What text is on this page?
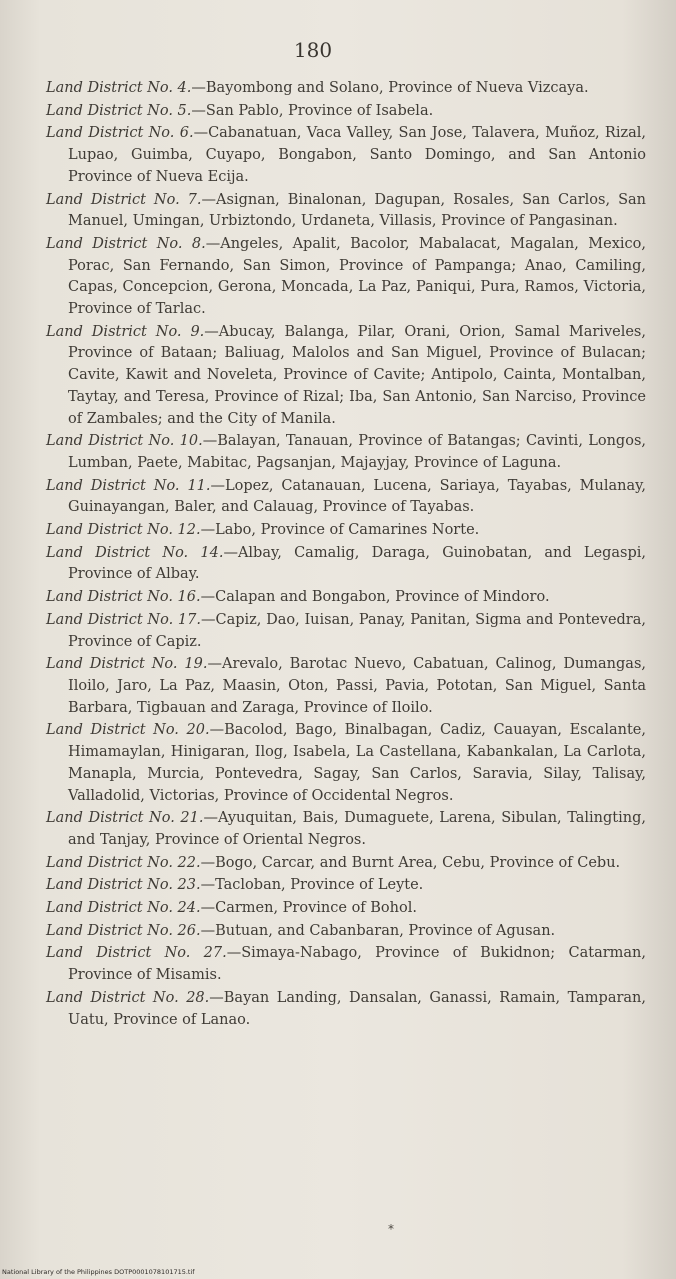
180

Land District No. 4.—Bayombong and Solano, Province of Nueva Vizcaya.

Land District No. 5.—San Pablo, Province of Isabela.

Land District No. 6.—Cabanatuan, Vaca Valley, San Jose, Talavera, Muñoz, Rizal, Lupao, Guimba, Cuyapo, Bongabon, Santo Domingo, and San Antonio Province of Nueva Ecija.

Land District No. 7.—Asignan, Binalonan, Dagupan, Rosales, San Carlos, San Manuel, Umingan, Urbiztondo, Urdaneta, Villasis, Province of Pangasinan.

Land District No. 8.—Angeles, Apalit, Bacolor, Mabalacat, Magalan, Mexico, Porac, San Fernando, San Simon, Province of Pampanga; Anao, Camiling, Capas, Concepcion, Gerona, Moncada, La Paz, Paniqui, Pura, Ramos, Victoria, Province of Tarlac.

Land District No. 9.—Abucay, Balanga, Pilar, Orani, Orion, Samal Mariveles, Province of Bataan; Baliuag, Malolos and San Miguel, Province of Bulacan; Cavite, Kawit and Noveleta, Province of Cavite; Antipolo, Cainta, Montalban, Taytay, and Teresa, Province of Rizal; Iba, San Antonio, San Narciso, Province of Zambales; and the City of Manila.

Land District No. 10.—Balayan, Tanauan, Province of Batangas; Cavinti, Longos, Lumban, Paete, Mabitac, Pagsanjan, Majayjay, Province of Laguna.

Land District No. 11.—Lopez, Catanauan, Lucena, Sariaya, Tayabas, Mulanay, Guinayangan, Baler, and Calauag, Province of Tayabas.

Land District No. 12.—Labo, Province of Camarines Norte.

Land District No. 14.—Albay, Camalig, Daraga, Guinobatan, and Legaspi, Province of Albay.

Land District No. 16.—Calapan and Bongabon, Province of Mindoro.

Land District No. 17.—Capiz, Dao, Iuisan, Panay, Panitan, Sigma and Pontevedra, Province of Capiz.

Land District No. 19.—Arevalo, Barotac Nuevo, Cabatuan, Calinog, Dumangas, Iloilo, Jaro, La Paz, Maasin, Oton, Passi, Pavia, Pototan, San Miguel, Santa Barbara, Tigbauan and Zaraga, Province of Iloilo.

Land District No. 20.—Bacolod, Bago, Binalbagan, Cadiz, Cauayan, Escalante, Himamaylan, Hinigaran, Ilog, Isabela, La Castellana, Kabankalan, La Carlota, Manapla, Murcia, Pontevedra, Sagay, San Carlos, Saravia, Silay, Talisay, Valladolid, Victorias, Province of Occidental Negros.

Land District No. 21.—Ayuquitan, Bais, Dumaguete, Larena, Sibulan, Talingting, and Tanjay, Province of Oriental Negros.

Land District No. 22.—Bogo, Carcar, and Burnt Area, Cebu, Province of Cebu.

Land District No. 23.—Tacloban, Province of Leyte.

Land District No. 24.—Carmen, Province of Bohol.

Land District No. 26.—Butuan, and Cabanbaran, Province of Agusan.

Land District No. 27.—Simaya-Nabago, Province of Bukidnon; Catarman, Province of Misamis.

Land District No. 28.—Bayan Landing, Dansalan, Ganassi, Ramain, Tamparan, Uatu, Province of Lanao.

*
National Library of the Philippines DOTP0001078101715.tif
